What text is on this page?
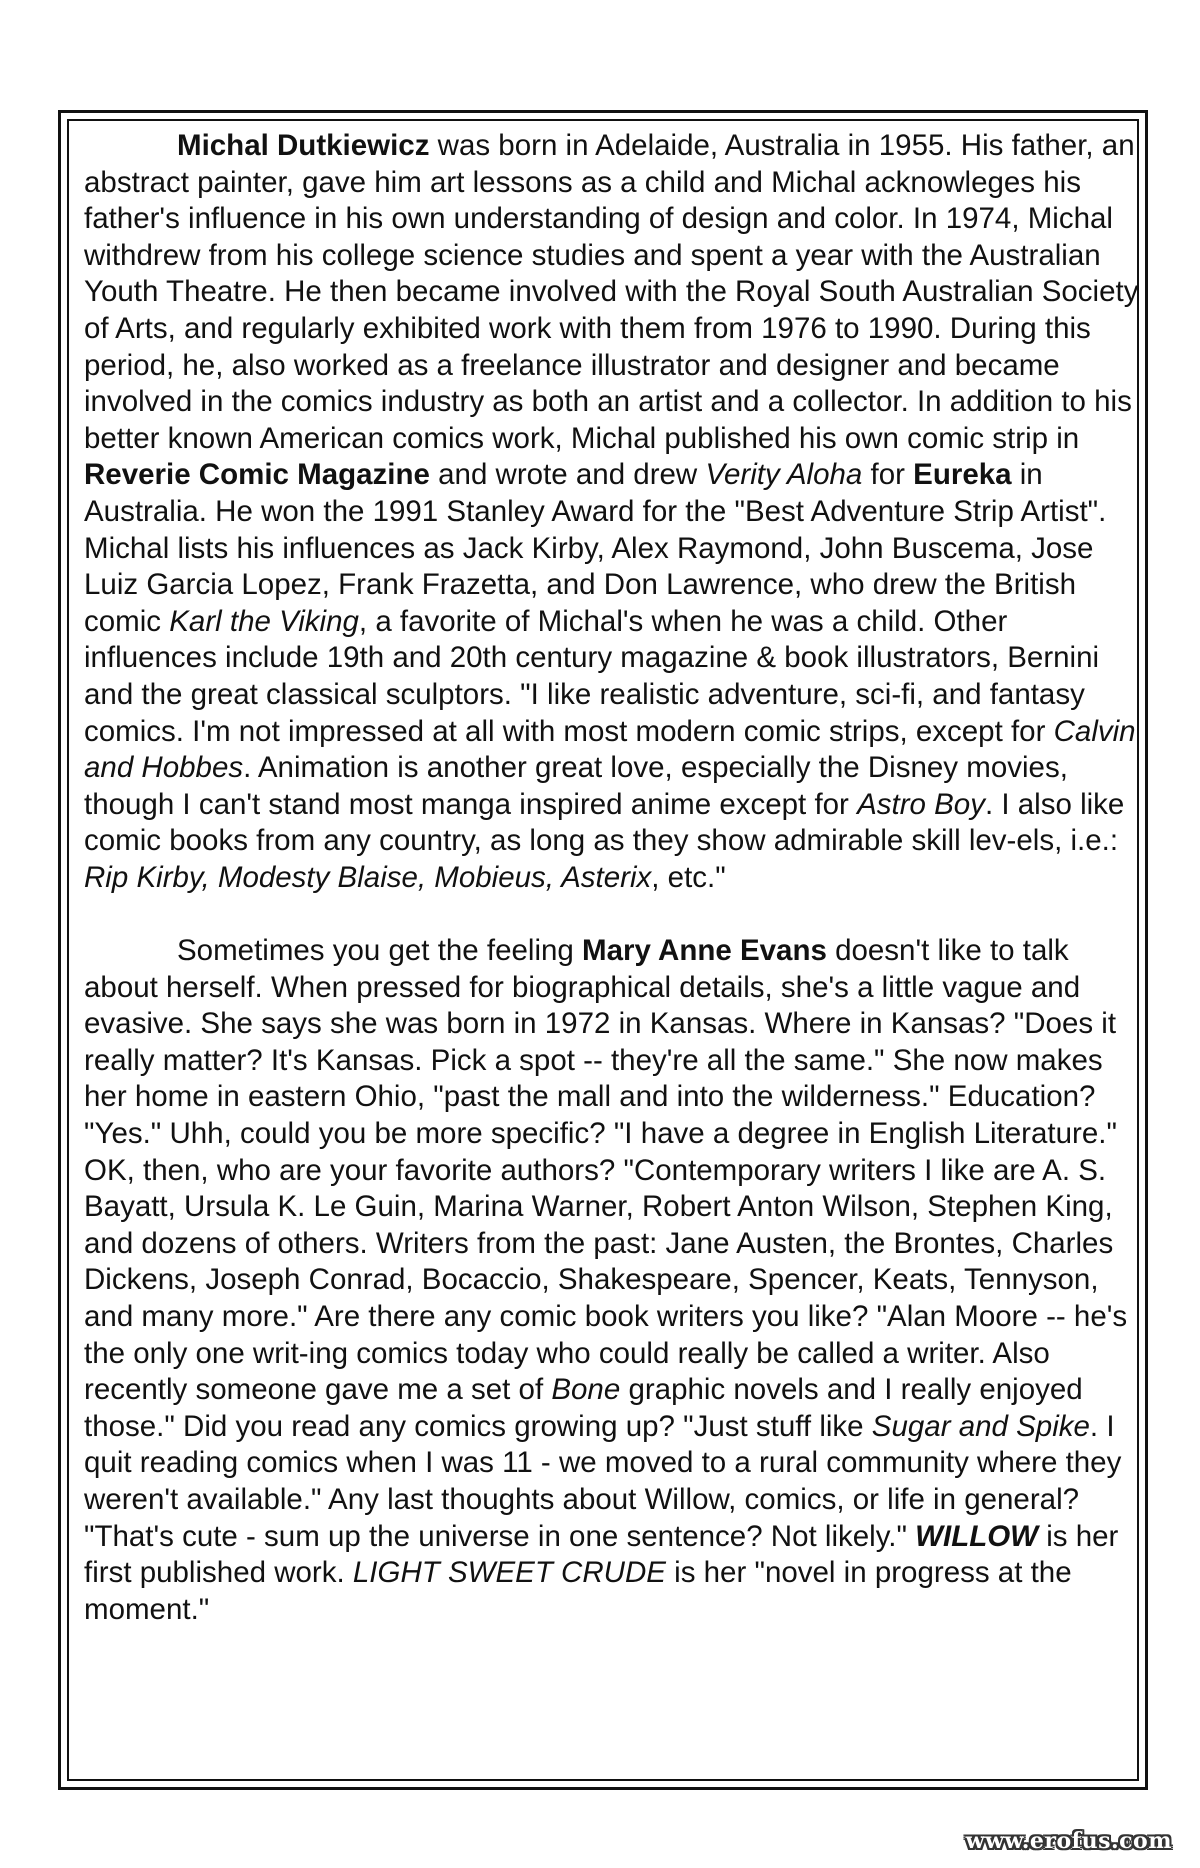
Michal Dutkiewicz was born in Adelaide, Australia in 1955. His father, an abstract painter, gave him art lessons as a child and Michal acknowleges his father's influence in his own understanding of design and color. In 1974, Michal withdrew from his college science studies and spent a year with the Australian Youth Theatre. He then became involved with the Royal South Australian Society of Arts, and regularly exhibited work with them from 1976 to 1990. During this period, he, also worked as a freelance illustrator and designer and became involved in the comics industry as both an artist and a collector. In addition to his better known American comics work, Michal published his own comic strip in Reverie Comic Magazine and wrote and drew Verity Aloha for Eureka in Australia. He won the 1991 Stanley Award for the "Best Adventure Strip Artist". Michal lists his influences as Jack Kirby, Alex Raymond, John Buscema, Jose Luiz Garcia Lopez, Frank Frazetta, and Don Lawrence, who drew the British comic Karl the Viking, a favorite of Michal's when he was a child. Other influences include 19th and 20th century magazine & book illustrators, Bernini and the great classical sculptors. "I like realistic adventure, sci-fi, and fantasy comics. I'm not impressed at all with most modern comic strips, except for Calvin and Hobbes. Animation is another great love, especially the Disney movies, though I can't stand most manga inspired anime except for Astro Boy. I also like comic books from any country, as long as they show admirable skill lev-els, i.e.: Rip Kirby, Modesty Blaise, Mobieus, Asterix, etc."

Sometimes you get the feeling Mary Anne Evans doesn't like to talk about herself. When pressed for biographical details, she's a little vague and evasive. She says she was born in 1972 in Kansas. Where in Kansas? "Does it really matter? It's Kansas. Pick a spot -- they're all the same." She now makes her home in eastern Ohio, "past the mall and into the wilderness." Education? "Yes." Uhh, could you be more specific? "I have a degree in English Literature." OK, then, who are your favorite authors? "Contemporary writers I like are A. S. Bayatt, Ursula K. Le Guin, Marina Warner, Robert Anton Wilson, Stephen King, and dozens of others. Writers from the past: Jane Austen, the Brontes, Charles Dickens, Joseph Conrad, Bocaccio, Shakespeare, Spencer, Keats, Tennyson, and many more." Are there any comic book writers you like? "Alan Moore -- he's the only one writ-ing comics today who could really be called a writer. Also recently someone gave me a set of Bone graphic novels and I really enjoyed those." Did you read any comics growing up? "Just stuff like Sugar and Spike. I quit reading comics when I was 11 - we moved to a rural community where they weren't available." Any last thoughts about Willow, comics, or life in general? "That's cute - sum up the universe in one sentence? Not likely." WILLOW is her first published work. LIGHT SWEET CRUDE is her "novel in progress at the moment."

www.erofus.com
